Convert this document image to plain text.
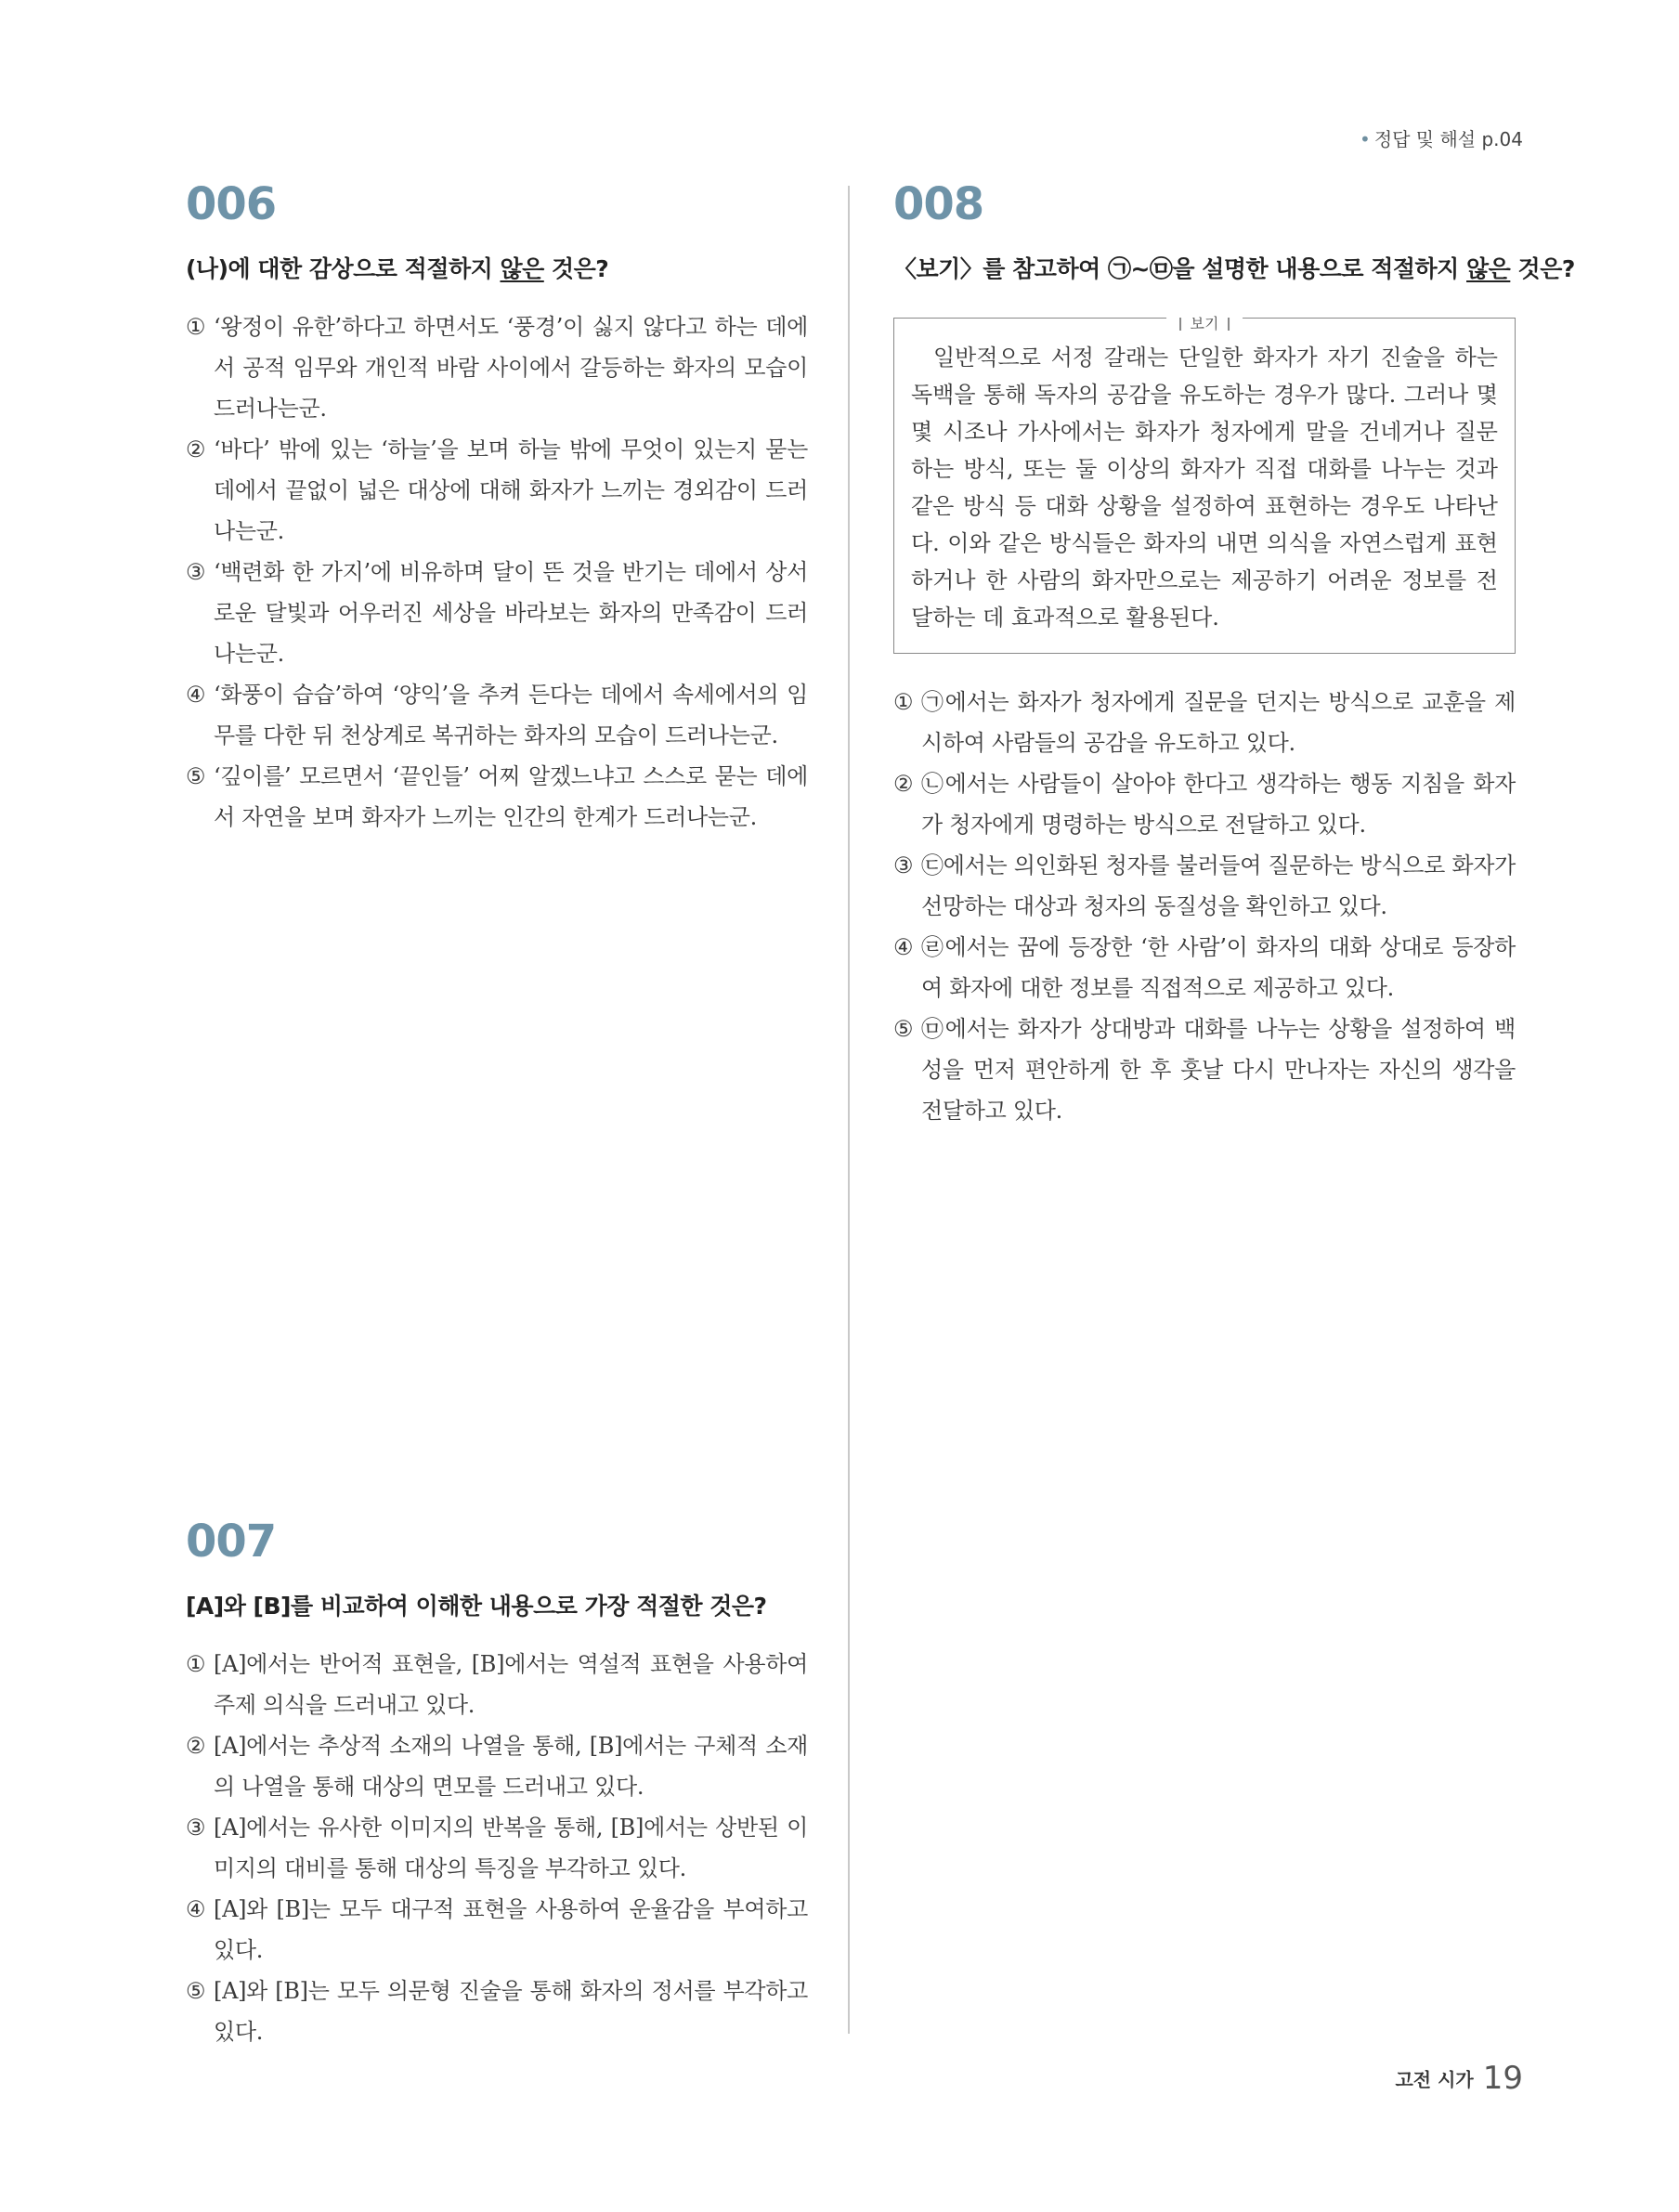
• 정답 및 해설 p.04
006
(나)에 대한 감상으로 적절하지 않은 것은?
① ‘왕정이 유한’하다고 하면서도 ‘풍경’이 싫지 않다고 하는 데에서 공적 임무와 개인적 바람 사이에서 갈등하는 화자의 모습이 드러나는군.
② ‘바다’ 밖에 있는 ‘하늘’을 보며 하늘 밖에 무엇이 있는지 묻는 데에서 끝없이 넓은 대상에 대해 화자가 느끼는 경외감이 드러나는군.
③ ‘백련화 한 가지’에 비유하며 달이 뜬 것을 반기는 데에서 상서로운 달빛과 어우러진 세상을 바라보는 화자의 만족감이 드러나는군.
④ ‘화풍이 습습’하여 ‘양익’을 추켜 든다는 데에서 속세에서의 임무를 다한 뒤 천상계로 복귀하는 화자의 모습이 드러나는군.
⑤ ‘깊이를’ 모르면서 ‘끝인들’ 어찌 알겠느냐고 스스로 묻는 데에서 자연을 보며 화자가 느끼는 인간의 한계가 드러나는군.
007
[A]와 [B]를 비교하여 이해한 내용으로 가장 적절한 것은?
① [A]에서는 반어적 표현을, [B]에서는 역설적 표현을 사용하여 주제 의식을 드러내고 있다.
② [A]에서는 추상적 소재의 나열을 통해, [B]에서는 구체적 소재의 나열을 통해 대상의 면모를 드러내고 있다.
③ [A]에서는 유사한 이미지의 반복을 통해, [B]에서는 상반된 이미지의 대비를 통해 대상의 특징을 부각하고 있다.
④ [A]와 [B]는 모두 대구적 표현을 사용하여 운율감을 부여하고 있다.
⑤ [A]와 [B]는 모두 의문형 진술을 통해 화자의 정서를 부각하고 있다.
008
〈보기〉를 참고하여 ㉠~㉤을 설명한 내용으로 적절하지 않은 것은?
보기

일반적으로 서정 갈래는 단일한 화자가 자기 진술을 하는 독백을 통해 독자의 공감을 유도하는 경우가 많다. 그러나 몇몇 시조나 가사에서는 화자가 청자에게 말을 건네거나 질문하는 방식, 또는 둘 이상의 화자가 직접 대화를 나누는 것과 같은 방식 등 대화 상황을 설정하여 표현하는 경우도 나타난다. 이와 같은 방식들은 화자의 내면 의식을 자연스럽게 표현하거나 한 사람의 화자만으로는 제공하기 어려운 정보를 전달하는 데 효과적으로 활용된다.

① ㉠에서는 화자가 청자에게 질문을 던지는 방식으로 교훈을 제시하여 사람들의 공감을 유도하고 있다.
② ㉡에서는 사람들이 살아야 한다고 생각하는 행동 지침을 화자가 청자에게 명령하는 방식으로 전달하고 있다.
③ ㉢에서는 의인화된 청자를 불러들여 질문하는 방식으로 화자가 선망하는 대상과 청자의 동질성을 확인하고 있다.
④ ㉣에서는 꿈에 등장한 ‘한 사람’이 화자의 대화 상대로 등장하여 화자에 대한 정보를 직접적으로 제공하고 있다.
⑤ ㉤에서는 화자가 상대방과 대화를 나누는 상황을 설정하여 백성을 먼저 편안하게 한 후 훗날 다시 만나자는 자신의 생각을 전달하고 있다.
고전 시가 19
